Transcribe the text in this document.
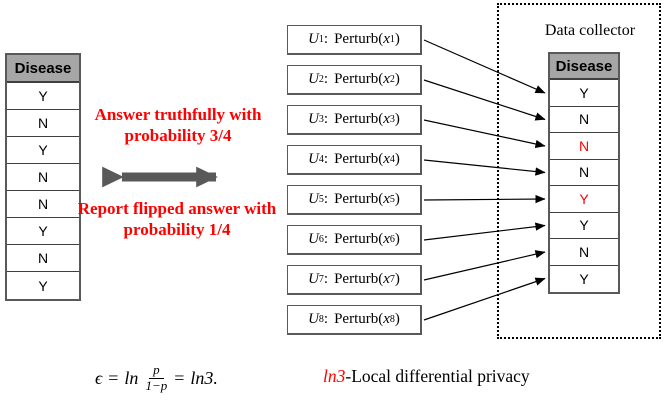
Disease
Y
N
Y
N
N
Y
N
Y
Answer truthfully with
probability 3/4
Report flipped answer with
probability 1/4
U 1 : Perturb( x 1 )
U 2 : Perturb( x 2 )
U 3 : Perturb( x 3 )
U 4 : Perturb( x 4 )
U 5 : Perturb( x 5 )
U 6 : Perturb( x 6 )
U 7 : Perturb( x 7 )
U 8 : Perturb( x 8 )
Data collector
Disease
Y
N
N
N
Y
Y
N
Y
$\epsilon = \ln \frac{p}{1-p} = \ln 3$.	ln3-Local differential privacy
